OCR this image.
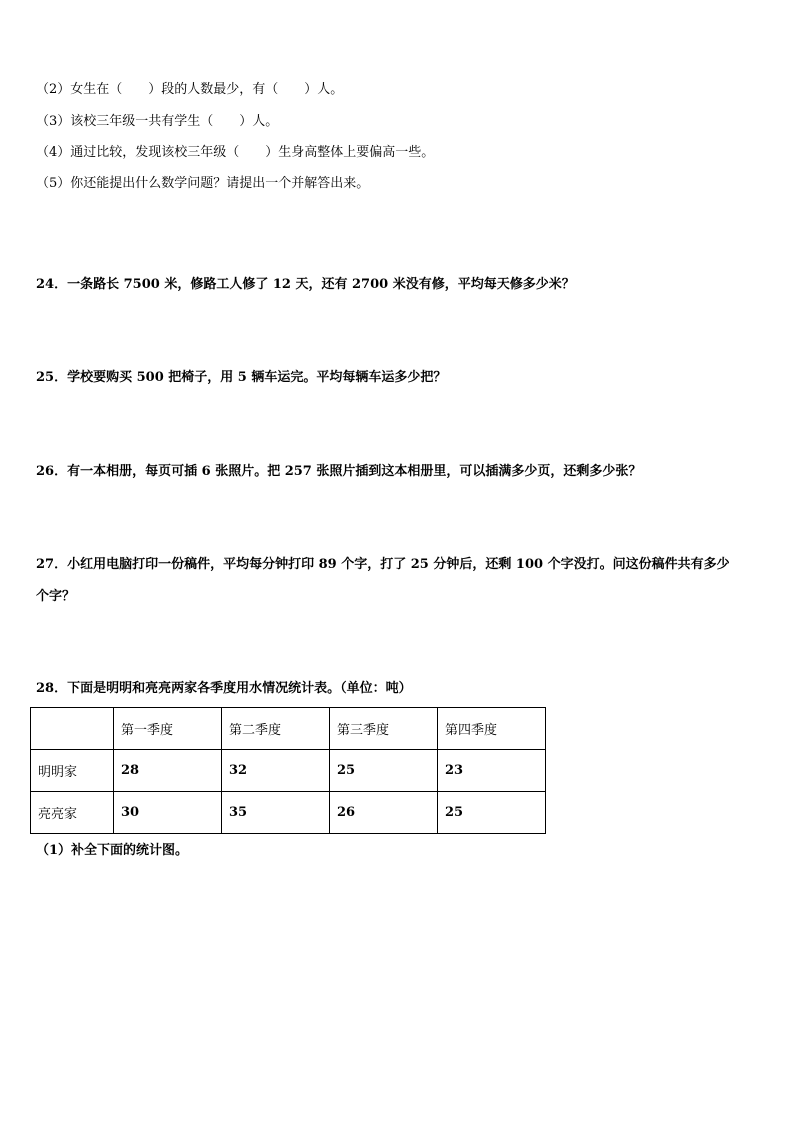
（2）女生在（　　）段的人数最少，有（　　）人。
（3）该校三年级一共有学生（　　）人。
（4）通过比较，发现该校三年级（　　）生身高整体上要偏高一些。
（5）你还能提出什么数学问题？请提出一个并解答出来。
24．一条路长 7500 米，修路工人修了 12 天，还有 2700 米没有修，平均每天修多少米？
25．学校要购买 500 把椅子，用 5 辆车运完。平均每辆车运多少把？
26．有一本相册，每页可插 6 张照片。把 257 张照片插到这本相册里，可以插满多少页，还剩多少张？
27．小红用电脑打印一份稿件，平均每分钟打印 89 个字，打了 25 分钟后，还剩 100 个字没打。问这份稿件共有多少
个字？
28．下面是明明和亮亮两家各季度用水情况统计表。（单位：吨）
	第一季度	第二季度	第三季度	第四季度
明明家	28	32	25	23
亮亮家	30	35	26	25
（1）补全下面的统计图。
